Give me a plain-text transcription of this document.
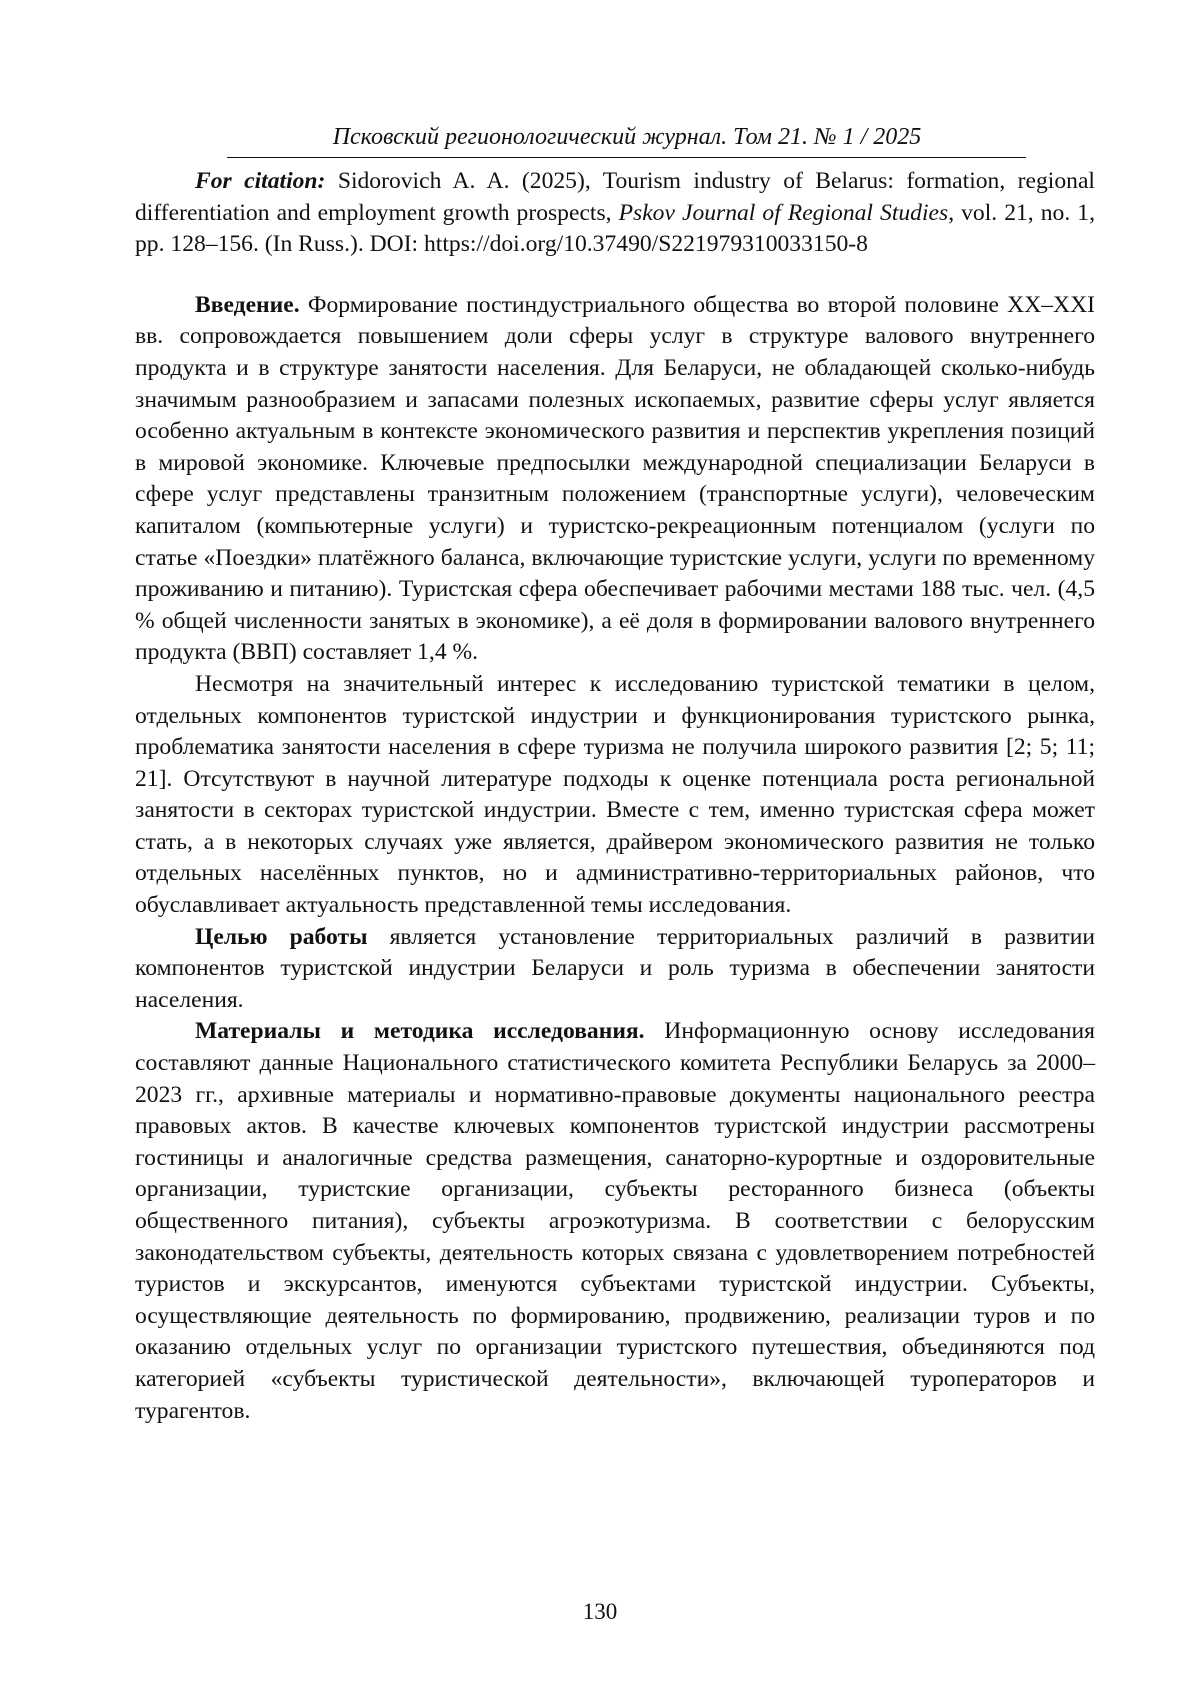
Псковский регионологический журнал. Том 21. № 1 / 2025

For citation: Sidorovich A. A. (2025), Tourism industry of Belarus: formation, regional differentiation and employment growth prospects, Pskov Journal of Regional Studies, vol. 21, no. 1, pp. 128–156. (In Russ.). DOI: https://doi.org/10.37490/S221979310033150-8

Введение. Формирование постиндустриального общества во второй половине XX–XXI вв. сопровождается повышением доли сферы услуг в структуре валового внутреннего продукта и в структуре занятости населения. Для Беларуси, не обладающей сколько-нибудь значимым разнообразием и запасами полезных ископаемых, развитие сферы услуг является особенно актуальным в контексте экономического развития и перспектив укрепления позиций в мировой экономике. Ключевые предпосылки международной специализации Беларуси в сфере услуг представлены транзитным положением (транспортные услуги), человеческим капиталом (компьютерные услуги) и туристско-рекреационным потенциалом (услуги по статье «Поездки» платёжного баланса, включающие туристские услуги, услуги по временному проживанию и питанию). Туристская сфера обеспечивает рабочими местами 188 тыс. чел. (4,5 % общей численности занятых в экономике), а её доля в формировании валового внутреннего продукта (ВВП) составляет 1,4 %.

Несмотря на значительный интерес к исследованию туристской тематики в целом, отдельных компонентов туристской индустрии и функционирования туристского рынка, проблематика занятости населения в сфере туризма не получила широкого развития [2; 5; 11; 21]. Отсутствуют в научной литературе подходы к оценке потенциала роста региональной занятости в секторах туристской индустрии. Вместе с тем, именно туристская сфера может стать, а в некоторых случаях уже является, драйвером экономического развития не только отдельных населённых пунктов, но и административно-территориальных районов, что обуславливает актуальность представленной темы исследования.

Целью работы является установление территориальных различий в развитии компонентов туристской индустрии Беларуси и роль туризма в обеспечении занятости населения.

Материалы и методика исследования. Информационную основу исследования составляют данные Национального статистического комитета Республики Беларусь за 2000–2023 гг., архивные материалы и нормативно-правовые документы национального реестра правовых актов. В качестве ключевых компонентов туристской индустрии рассмотрены гостиницы и аналогичные средства размещения, санаторно-курортные и оздоровительные организации, туристские организации, субъекты ресторанного бизнеса (объекты общественного питания), субъекты агроэкотуризма. В соответствии с белорусским законодательством субъекты, деятельность которых связана с удовлетворением потребностей туристов и экскурсантов, именуются субъектами туристской индустрии. Субъекты, осуществляющие деятельность по формированию, продвижению, реализации туров и по оказанию отдельных услуг по организации туристского путешествия, объединяются под категорией «субъекты туристической деятельности», включающей туроператоров и турагентов.

130
